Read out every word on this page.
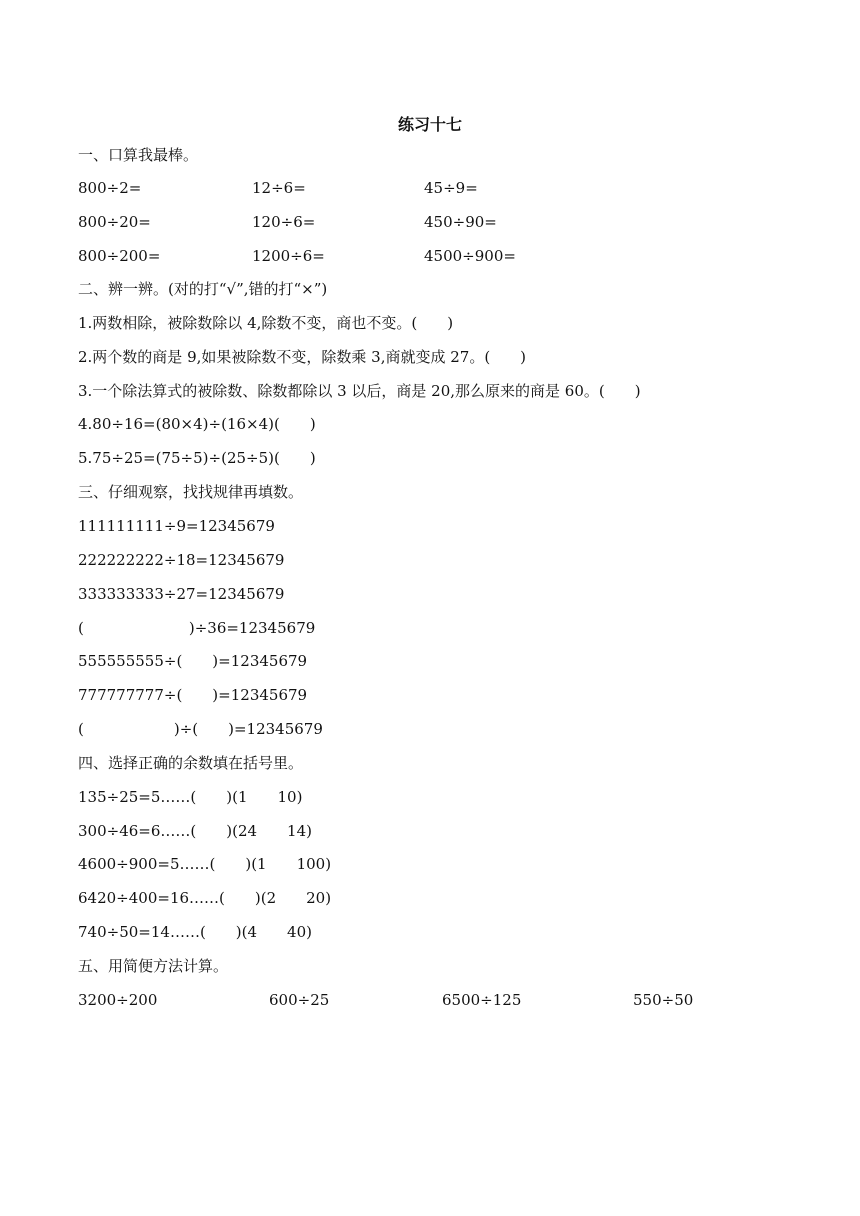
练习十七

一、口算我最棒。

800÷2=	12÷6=	45÷9=
800÷20=	120÷6=	450÷90=
800÷200=	1200÷6=	4500÷900=

二、辨一辨。(对的打“√”,错的打“×”)

1.两数相除，被除数除以 4,除数不变，商也不变。(　　)

2.两个数的商是 9,如果被除数不变，除数乘 3,商就变成 27。(　　)

3.一个除法算式的被除数、除数都除以 3 以后，商是 20,那么原来的商是 60。(　　)

4.80÷16=(80×4)÷(16×4)(　　)

5.75÷25=(75÷5)÷(25÷5)(　　)

三、仔细观察，找找规律再填数。

111111111÷9=12345679

222222222÷18=12345679

333333333÷27=12345679

(　　　　　　　)÷36=12345679

555555555÷(　　)=12345679

777777777÷(　　)=12345679

(　　　　　　)÷(　　)=12345679

四、选择正确的余数填在括号里。

135÷25=5……(　　)(1　　10)

300÷46=6……(　　)(24　　14)

4600÷900=5……(　　)(1　　100)

6420÷400=16……(　　)(2　　20)

740÷50=14……(　　)(4　　40)

五、用简便方法计算。

3200÷200	600÷25	6500÷125	550÷50
